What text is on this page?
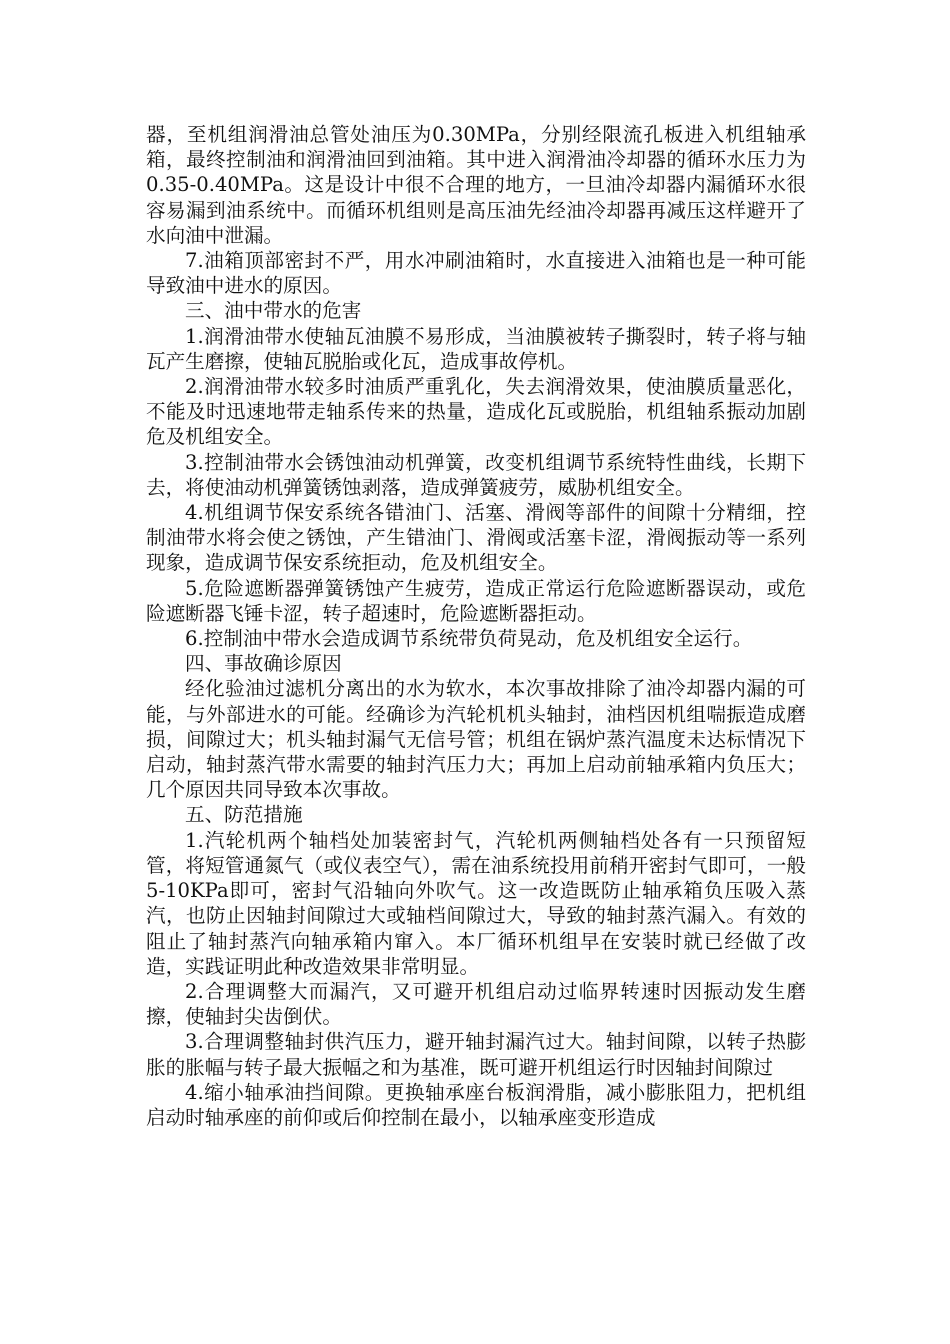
器，至机组润滑油总管处油压为0.30MPa，分别经限流孔板进入机组轴承箱，最终控制油和润滑油回到油箱。其中进入润滑油冷却器的循环水压力为0.35-0.40MPa。这是设计中很不合理的地方，一旦油冷却器内漏循环水很容易漏到油系统中。而循环机组则是高压油先经油冷却器再减压这样避开了水向油中泄漏。

7.油箱顶部密封不严，用水冲刷油箱时，水直接进入油箱也是一种可能导致油中进水的原因。

三、油中带水的危害

1.润滑油带水使轴瓦油膜不易形成，当油膜被转子撕裂时，转子将与轴瓦产生磨擦，使轴瓦脱胎或化瓦，造成事故停机。

2.润滑油带水较多时油质严重乳化，失去润滑效果，使油膜质量恶化，不能及时迅速地带走轴系传来的热量，造成化瓦或脱胎，机组轴系振动加剧危及机组安全。

3.控制油带水会锈蚀油动机弹簧，改变机组调节系统特性曲线，长期下去，将使油动机弹簧锈蚀剥落，造成弹簧疲劳，威胁机组安全。

4.机组调节保安系统各错油门、活塞、滑阀等部件的间隙十分精细，控制油带水将会使之锈蚀，产生错油门、滑阀或活塞卡涩，滑阀振动等一系列现象，造成调节保安系统拒动，危及机组安全。

5.危险遮断器弹簧锈蚀产生疲劳，造成正常运行危险遮断器误动，或危险遮断器飞锤卡涩，转子超速时，危险遮断器拒动。

6.控制油中带水会造成调节系统带负荷晃动，危及机组安全运行。

四、事故确诊原因

经化验油过滤机分离出的水为软水，本次事故排除了油冷却器内漏的可能，与外部进水的可能。经确诊为汽轮机机头轴封，油档因机组喘振造成磨损，间隙过大；机头轴封漏气无信号管；机组在锅炉蒸汽温度未达标情况下启动，轴封蒸汽带水需要的轴封汽压力大；再加上启动前轴承箱内负压大；几个原因共同导致本次事故。

五、防范措施

1.汽轮机两个轴档处加装密封气，汽轮机两侧轴档处各有一只预留短管，将短管通氮气（或仪表空气），需在油系统投用前稍开密封气即可，一般5-10KPa即可，密封气沿轴向外吹气。这一改造既防止轴承箱负压吸入蒸汽，也防止因轴封间隙过大或轴档间隙过大，导致的轴封蒸汽漏入。有效的阻止了轴封蒸汽向轴承箱内窜入。本厂循环机组早在安装时就已经做了改造，实践证明此种改造效果非常明显。

2.合理调整大而漏汽，又可避开机组启动过临界转速时因振动发生磨擦，使轴封尖齿倒伏。

3.合理调整轴封供汽压力，避开轴封漏汽过大。轴封间隙，以转子热膨胀的胀幅与转子最大振幅之和为基准，既可避开机组运行时因轴封间隙过

4.缩小轴承油挡间隙。更换轴承座台板润滑脂，减小膨胀阻力，把机组启动时轴承座的前仰或后仰控制在最小，以轴承座变形造成
